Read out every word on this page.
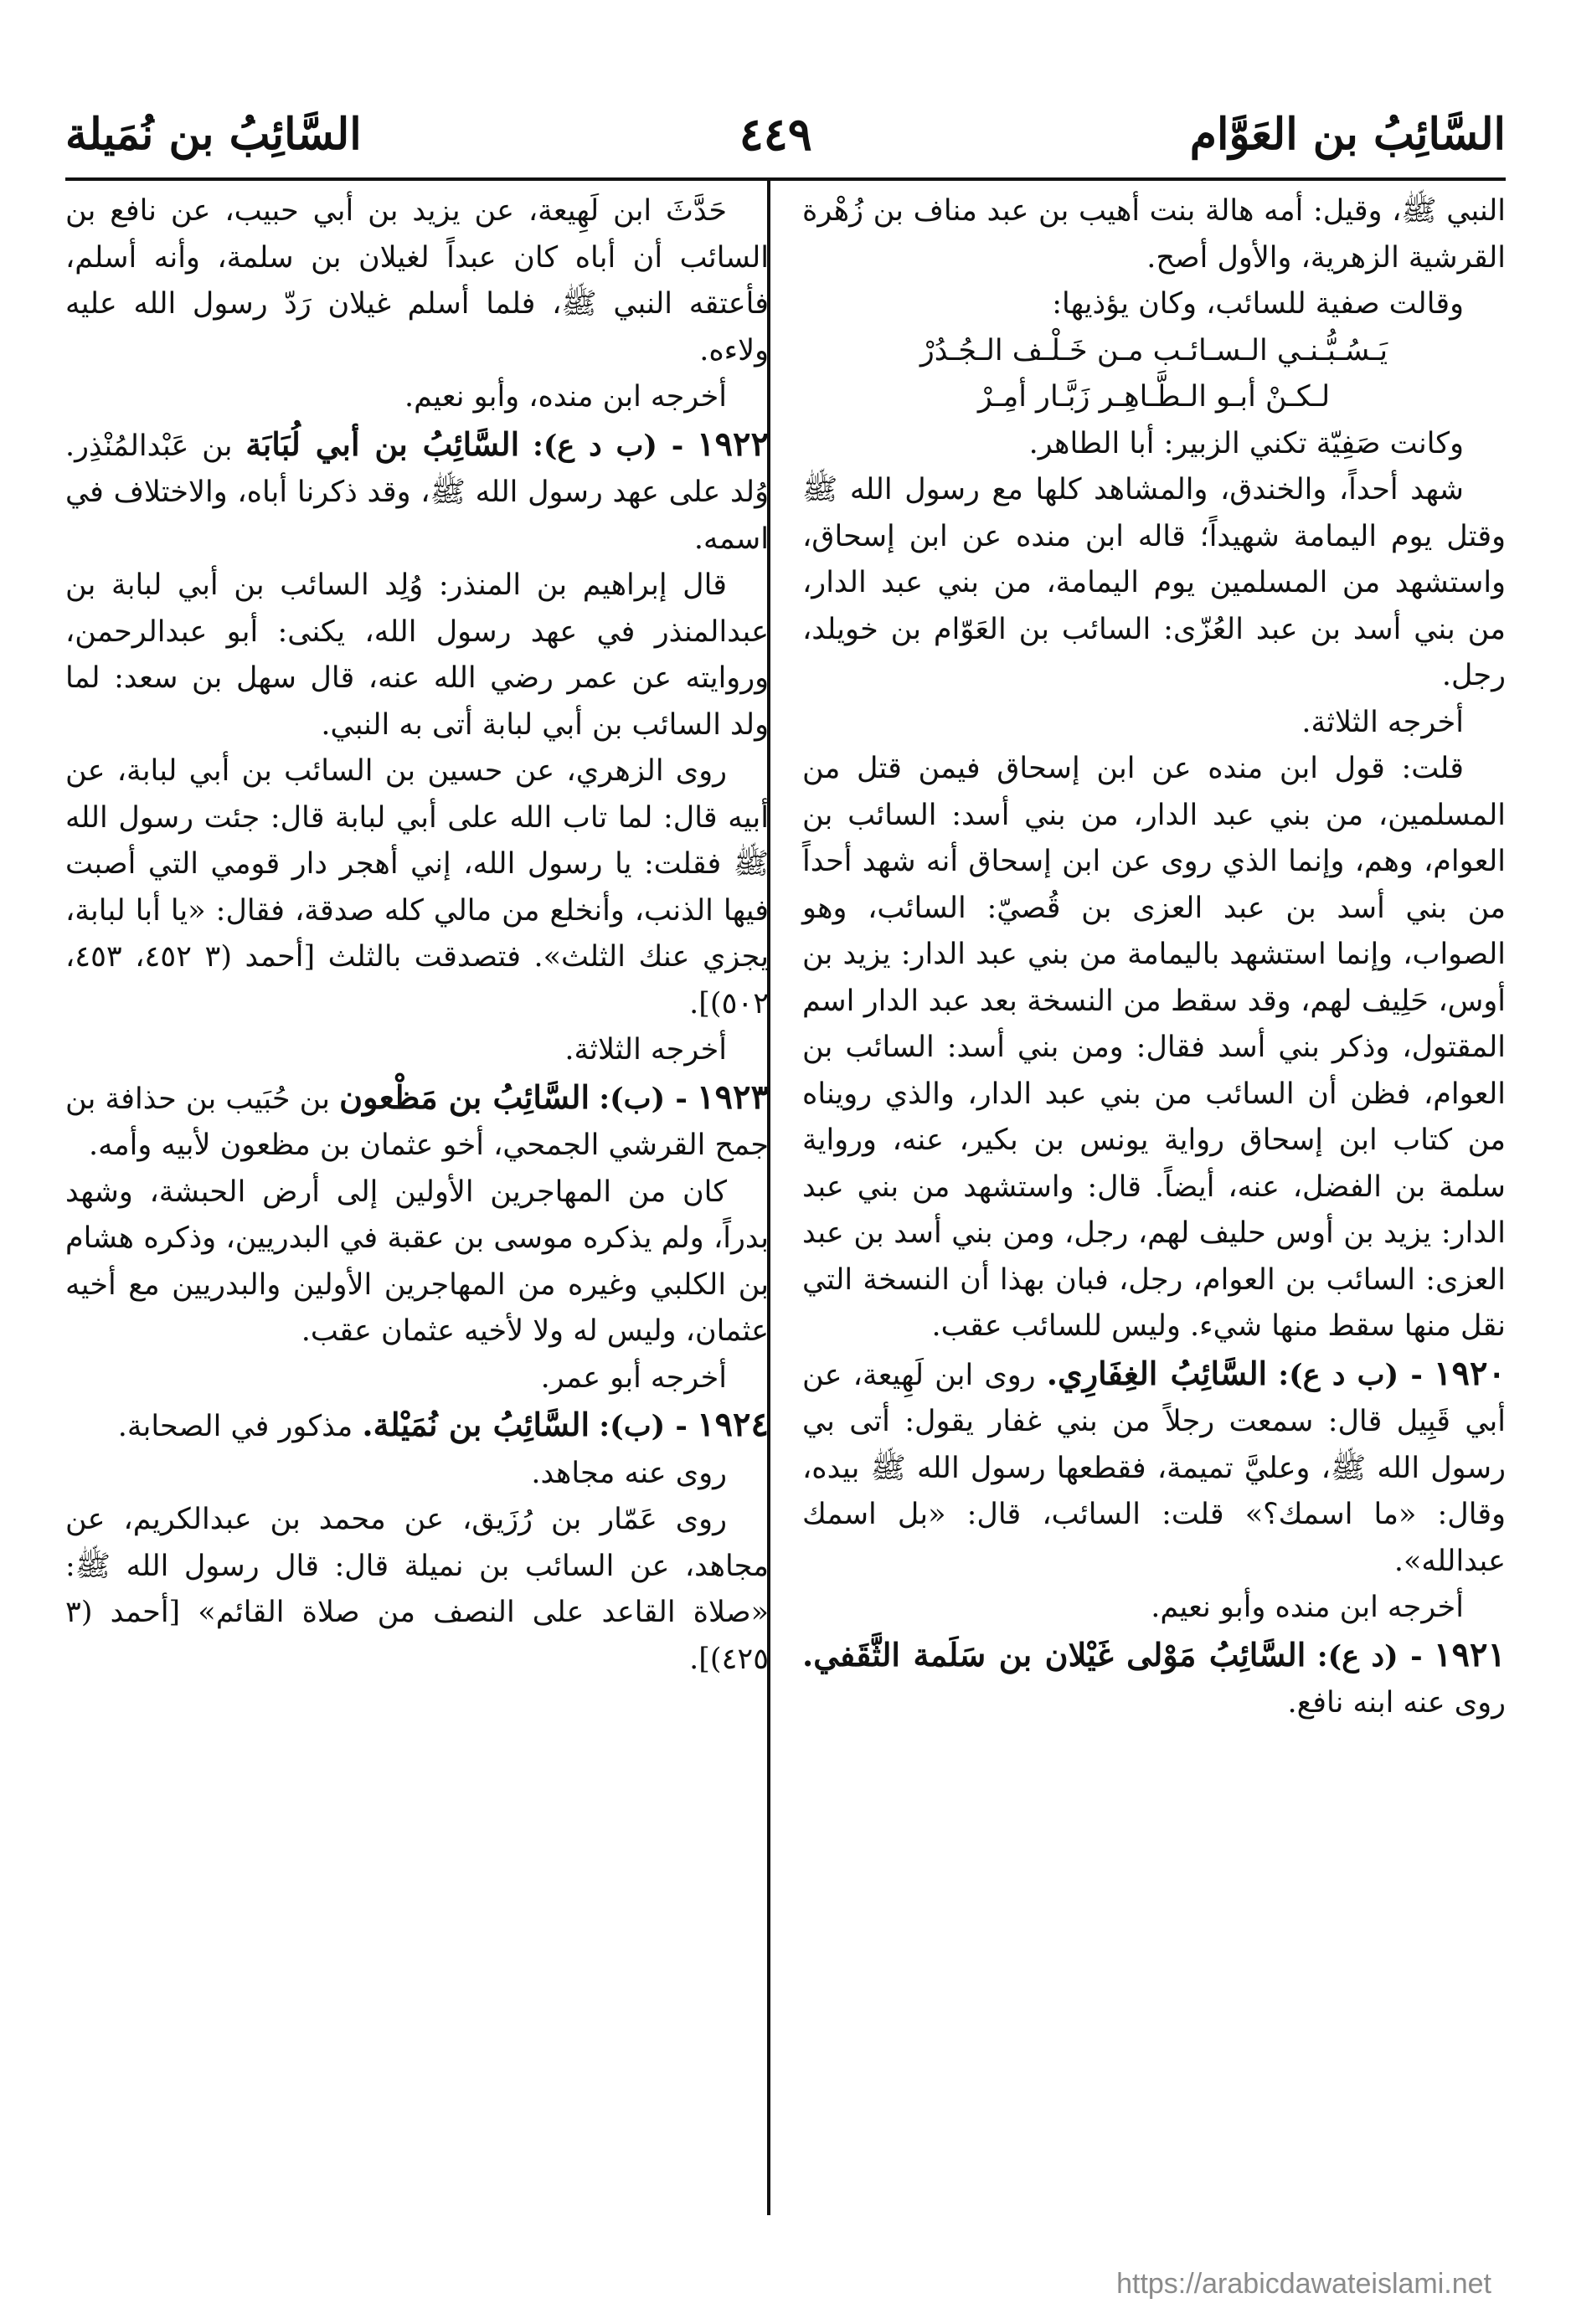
السَّائِبُ بن العَوَّام
٤٤٩
السَّائِبُ بن نُمَيلة

النبي ﷺ، وقيل: أمه هالة بنت أهيب بن عبد مناف بن زُهْرة القرشية الزهرية، والأول أصح.

وقالت صفية للسائب، وكان يؤذيها:

يَـسُـبُّـنـي الـسـائـب مـن خَـلْـف الـجُـدُرْ

لـكـنْ أبـو الـطَّـاهِـر زَبَّـار أمِـرْ

وكانت صَفِيّة تكني الزبير: أبا الطاهر.

شهد أحداً، والخندق، والمشاهد كلها مع رسول الله ﷺ وقتل يوم اليمامة شهيداً؛ قاله ابن منده عن ابن إسحاق، واستشهد من المسلمين يوم اليمامة، من بني عبد الدار، من بني أسد بن عبد العُزّى: السائب بن العَوّام بن خويلد، رجل.

أخرجه الثلاثة.

قلت: قول ابن منده عن ابن إسحاق فيمن قتل من المسلمين، من بني عبد الدار، من بني أسد: السائب بن العوام، وهم، وإنما الذي روى عن ابن إسحاق أنه شهد أحداً من بني أسد بن عبد العزى بن قُصيّ: السائب، وهو الصواب، وإنما استشهد باليمامة من بني عبد الدار: يزيد بن أوس، حَلِيف لهم، وقد سقط من النسخة بعد عبد الدار اسم المقتول، وذكر بني أسد فقال: ومن بني أسد: السائب بن العوام، فظن أن السائب من بني عبد الدار، والذي رويناه من كتاب ابن إسحاق رواية يونس بن بكير، عنه، ورواية سلمة بن الفضل، عنه، أيضاً. قال: واستشهد من بني عبد الدار: يزيد بن أوس حليف لهم، رجل، ومن بني أسد بن عبد العزى: السائب بن العوام، رجل، فبان بهذا أن النسخة التي نقل منها سقط منها شيء. وليس للسائب عقب.

١٩٢٠ - (ب د ع): السَّائِبُ الغِفَارِي. روى ابن لَهِيعة، عن أبي قَبِيل قال: سمعت رجلاً من بني غفار يقول: أتى بي رسول الله ﷺ، وعليَّ تميمة، فقطعها رسول الله ﷺ بيده، وقال: «ما اسمك؟» قلت: السائب، قال: «بل اسمك عبدالله».

أخرجه ابن منده وأبو نعيم.

١٩٢١ - (د ع): السَّائِبُ مَوْلى غَيْلان بن سَلَمة الثَّقَفي. روى عنه ابنه نافع.

حَدَّثَ ابن لَهِيعة، عن يزيد بن أبي حبيب، عن نافع بن السائب أن أباه كان عبداً لغيلان بن سلمة، وأنه أسلم، فأعتقه النبي ﷺ، فلما أسلم غيلان رَدّ رسول الله عليه ولاءه.

أخرجه ابن منده، وأبو نعيم.

١٩٢٢ - (ب د ع): السَّائِبُ بن أبي لُبَابَة بن عَبْدالمُنْذِر. وُلد على عهد رسول الله ﷺ، وقد ذكرنا أباه، والاختلاف في اسمه.

قال إبراهيم بن المنذر: وُلِد السائب بن أبي لبابة بن عبدالمنذر في عهد رسول الله، يكنى: أبو عبدالرحمن، وروايته عن عمر رضي الله عنه، قال سهل بن سعد: لما ولد السائب بن أبي لبابة أتى به النبي.

روى الزهري، عن حسين بن السائب بن أبي لبابة، عن أبيه قال: لما تاب الله على أبي لبابة قال: جئت رسول الله ﷺ فقلت: يا رسول الله، إني أهجر دار قومي التي أصبت فيها الذنب، وأنخلع من مالي كله صدقة، فقال: «يا أبا لبابة، يجزي عنك الثلث». فتصدقت بالثلث [أحمد (٣ ٤٥٢، ٤٥٣، ٥٠٢)].

أخرجه الثلاثة.

١٩٢٣ - (ب): السَّائِبُ بن مَظْعون بن حُبَيب بن حذافة بن جمح القرشي الجمحي، أخو عثمان بن مظعون لأبيه وأمه.

كان من المهاجرين الأولين إلى أرض الحبشة، وشهد بدراً، ولم يذكره موسى بن عقبة في البدريين، وذكره هشام بن الكلبي وغيره من المهاجرين الأولين والبدريين مع أخيه عثمان، وليس له ولا لأخيه عثمان عقب.

أخرجه أبو عمر.

١٩٢٤ - (ب): السَّائِبُ بن نُمَيْلة. مذكور في الصحابة.

روى عنه مجاهد.

روى عَمّار بن رُزَيق، عن محمد بن عبدالكريم، عن مجاهد، عن السائب بن نميلة قال: قال رسول الله ﷺ: «صلاة القاعد على النصف من صلاة القائم» [أحمد (٣ ٤٢٥)].

https://arabicdawateislami.net
